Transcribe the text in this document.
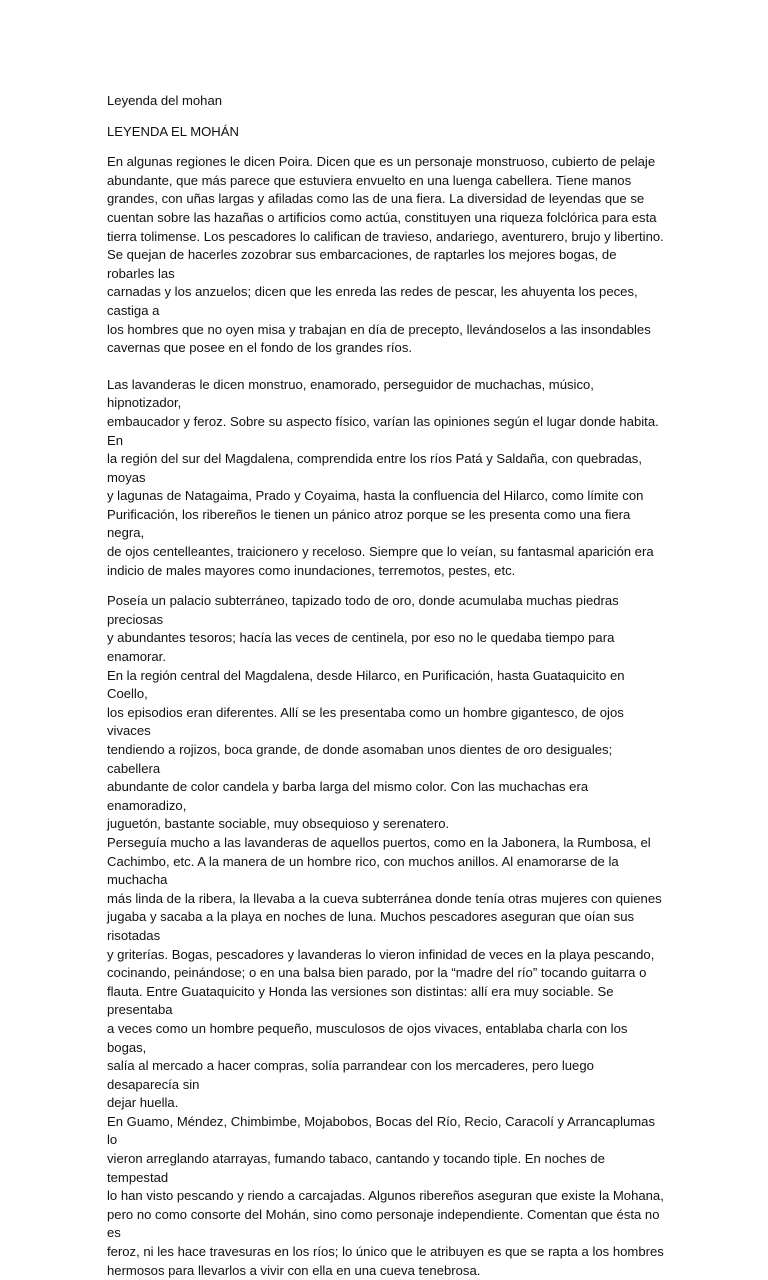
Leyenda del mohan

LEYENDA EL MOHÁN

En algunas regiones le dicen Poira. Dicen que es un personaje monstruoso, cubierto de pelaje
abundante, que más parece que estuviera envuelto en una luenga cabellera. Tiene manos
grandes, con uñas largas y afiladas como las de una fiera. La diversidad de leyendas que se
cuentan sobre las hazañas o artificios como actúa, constituyen una riqueza folclórica para esta
tierra tolimense. Los pescadores lo califican de travieso, andariego, aventurero, brujo y libertino.
Se quejan de hacerles zozobrar sus embarcaciones, de raptarles los mejores bogas, de robarles las
carnadas y los anzuelos; dicen que les enreda las redes de pescar, les ahuyenta los peces, castiga a
los hombres que no oyen misa y trabajan en día de precepto, llevándoselos a las insondables
cavernas que posee en el fondo de los grandes ríos.

Las lavanderas le dicen monstruo, enamorado, perseguidor de muchachas, músico, hipnotizador,
embaucador y feroz. Sobre su aspecto físico, varían las opiniones según el lugar donde habita. En
la región del sur del Magdalena, comprendida entre los ríos Patá y Saldaña, con quebradas, moyas
y lagunas de Natagaima, Prado y Coyaima, hasta la confluencia del Hilarco, como límite con
Purificación, los ribereños le tienen un pánico atroz porque se les presenta como una fiera negra,
de ojos centelleantes, traicionero y receloso. Siempre que lo veían, su fantasmal aparición era
indicio de males mayores como inundaciones, terremotos, pestes, etc.

Poseía un palacio subterráneo, tapizado todo de oro, donde acumulaba muchas piedras preciosas
y abundantes tesoros; hacía las veces de centinela, por eso no le quedaba tiempo para enamorar.
En la región central del Magdalena, desde Hilarco, en Purificación, hasta Guataquicito en Coello,
los episodios eran diferentes. Allí se les presentaba como un hombre gigantesco, de ojos vivaces
tendiendo a rojizos, boca grande, de donde asomaban unos dientes de oro desiguales; cabellera
abundante de color candela y barba larga del mismo color. Con las muchachas era enamoradizo,
juguetón, bastante sociable, muy obsequioso y serenatero.

Perseguía mucho a las lavanderas de aquellos puertos, como en la Jabonera, la Rumbosa, el
Cachimbo, etc. A la manera de un hombre rico, con muchos anillos. Al enamorarse de la muchacha
más linda de la ribera, la llevaba a la cueva subterránea donde tenía otras mujeres con quienes
jugaba y sacaba a la playa en noches de luna. Muchos pescadores aseguran que oían sus risotadas
y griterías. Bogas, pescadores y lavanderas lo vieron infinidad de veces en la playa pescando,
cocinando, peinándose; o en una balsa bien parado, por la “madre del río” tocando guitarra o
flauta. Entre Guataquicito y Honda las versiones son distintas: allí era muy sociable. Se presentaba
a veces como un hombre pequeño, musculosos de ojos vivaces, entablaba charla con los bogas,
salía al mercado a hacer compras, solía parrandear con los mercaderes, pero luego desaparecía sin
dejar huella.

En Guamo, Méndez, Chimbimbe, Mojabobos, Bocas del Río, Recio, Caracolí y Arrancaplumas lo
vieron arreglando atarrayas, fumando tabaco, cantando y tocando tiple. En noches de tempestad
lo han visto pescando y riendo a carcajadas. Algunos ribereños aseguran que existe la Mohana,
pero no como consorte del Mohán, sino como personaje independiente. Comentan que ésta no es
feroz, ni les hace travesuras en los ríos; lo único que le atribuyen es que se rapta a los hombres
hermosos para llevarlos a vivir con ella en una cueva tenebrosa.
